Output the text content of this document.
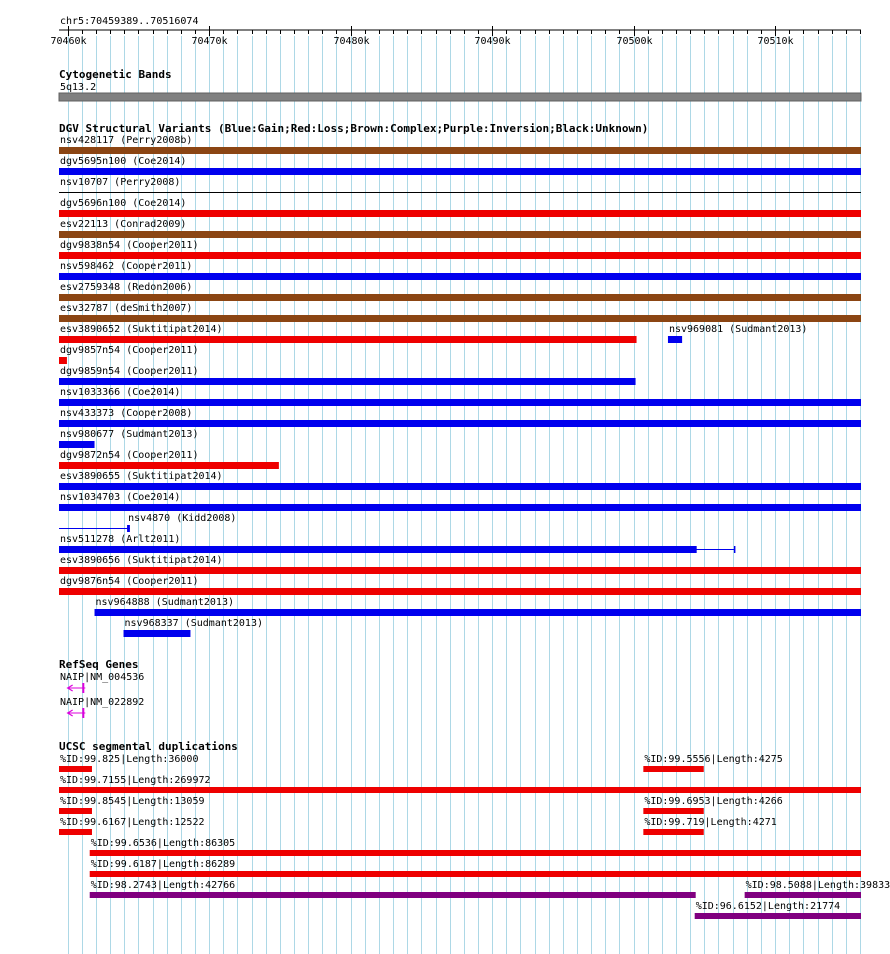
chr5:70459389..70516074
70460k	70470k	70480k	70490k	70500k	70510k
Cytogenetic Bands
5q13.2
DGV Structural Variants (Blue:Gain;Red:Loss;Brown:Complex;Purple:Inversion;Black:Unknown)
nsv428117 (Perry2008b)
dgv5695n100 (Coe2014)
nsv10707 (Perry2008)
dgv5696n100 (Coe2014)
esv22113 (Conrad2009)
dgv9838n54 (Cooper2011)
nsv598462 (Cooper2011)
esv2759348 (Redon2006)
esv32787 (deSmith2007)
esv3890652 (Suktitipat2014)	nsv969081 (Sudmant2013)
dgv9857n54 (Cooper2011)
dgv9859n54 (Cooper2011)
nsv1033366 (Coe2014)
nsv433373 (Cooper2008)
nsv980677 (Sudmant2013)
dgv9872n54 (Cooper2011)
esv3890655 (Suktitipat2014)
nsv1034703 (Coe2014)
nsv4870 (Kidd2008)
nsv511278 (Arlt2011)
esv3890656 (Suktitipat2014)
dgv9876n54 (Cooper2011)
nsv964888 (Sudmant2013)
nsv968337 (Sudmant2013)
RefSeq Genes
NAIP|NM_004536
NAIP|NM_022892
UCSC segmental duplications
%ID:99.825|Length:36000	%ID:99.5556|Length:4275
%ID:99.7155|Length:269972
%ID:99.8545|Length:13059	%ID:99.6953|Length:4266
%ID:99.6167|Length:12522	%ID:99.719|Length:4271
%ID:99.6536|Length:86305
%ID:99.6187|Length:86289
%ID:98.2743|Length:42766	%ID:98.5088|Length:39833
%ID:96.6152|Length:21774
